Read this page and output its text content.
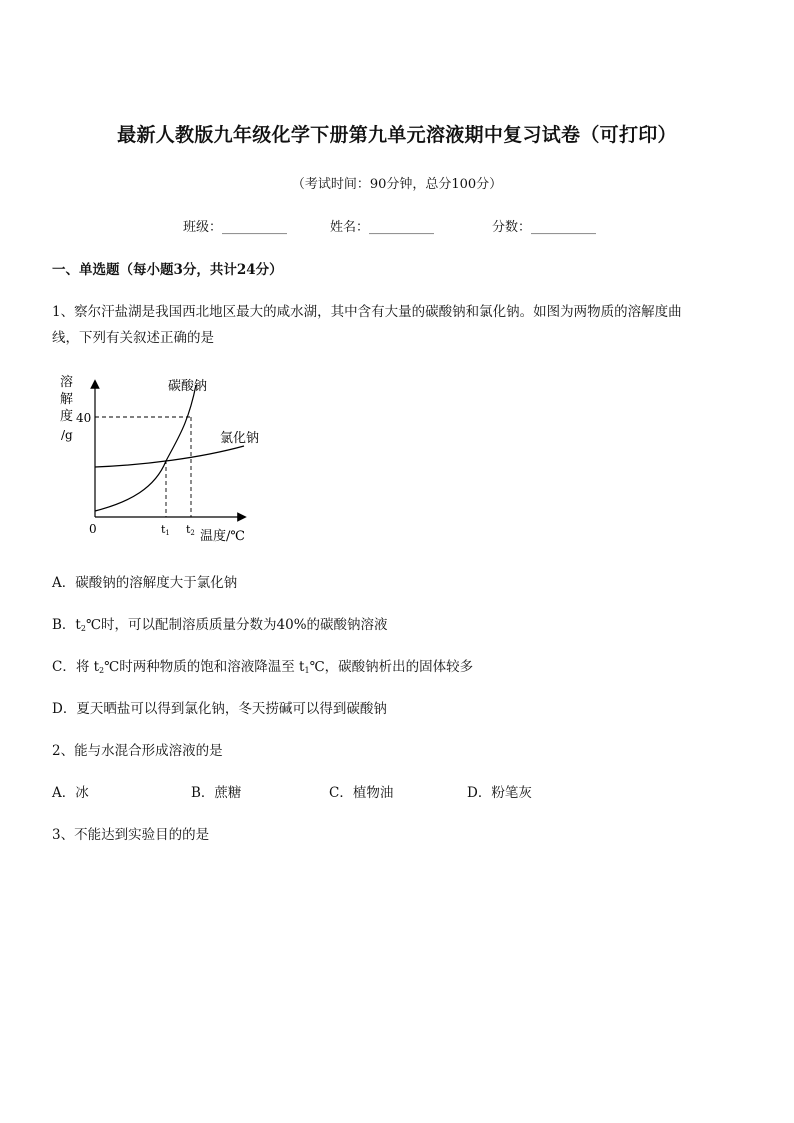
最新人教版九年级化学下册第九单元溶液期中复习试卷（可打印）
（考试时间：90分钟，总分100分）
班级：__________	姓名：__________	分数：__________
一、单选题（每小题3分，共计24分）
1、察尔汗盐湖是我国西北地区最大的咸水湖，其中含有大量的碳酸钠和氯化钠。如图为两物质的溶解度曲
线，下列有关叙述正确的是
溶
解
度
/g
40
0	t1 t2 温度/℃
碳酸钠
氯化钠
A．碳酸钠的溶解度大于氯化钠
B．$t_2℃$时，可以配制溶质质量分数为40%的碳酸钠溶液
C．将 $t_2℃$时两种物质的饱和溶液降温至 $t_1℃$，碳酸钠析出的固体较多
D．夏天晒盐可以得到氯化钠，冬天捞碱可以得到碳酸钠
2、能与水混合形成溶液的是
A．冰	B．蔗糖	C．植物油	D．粉笔灰
3、不能达到实验目的的是
